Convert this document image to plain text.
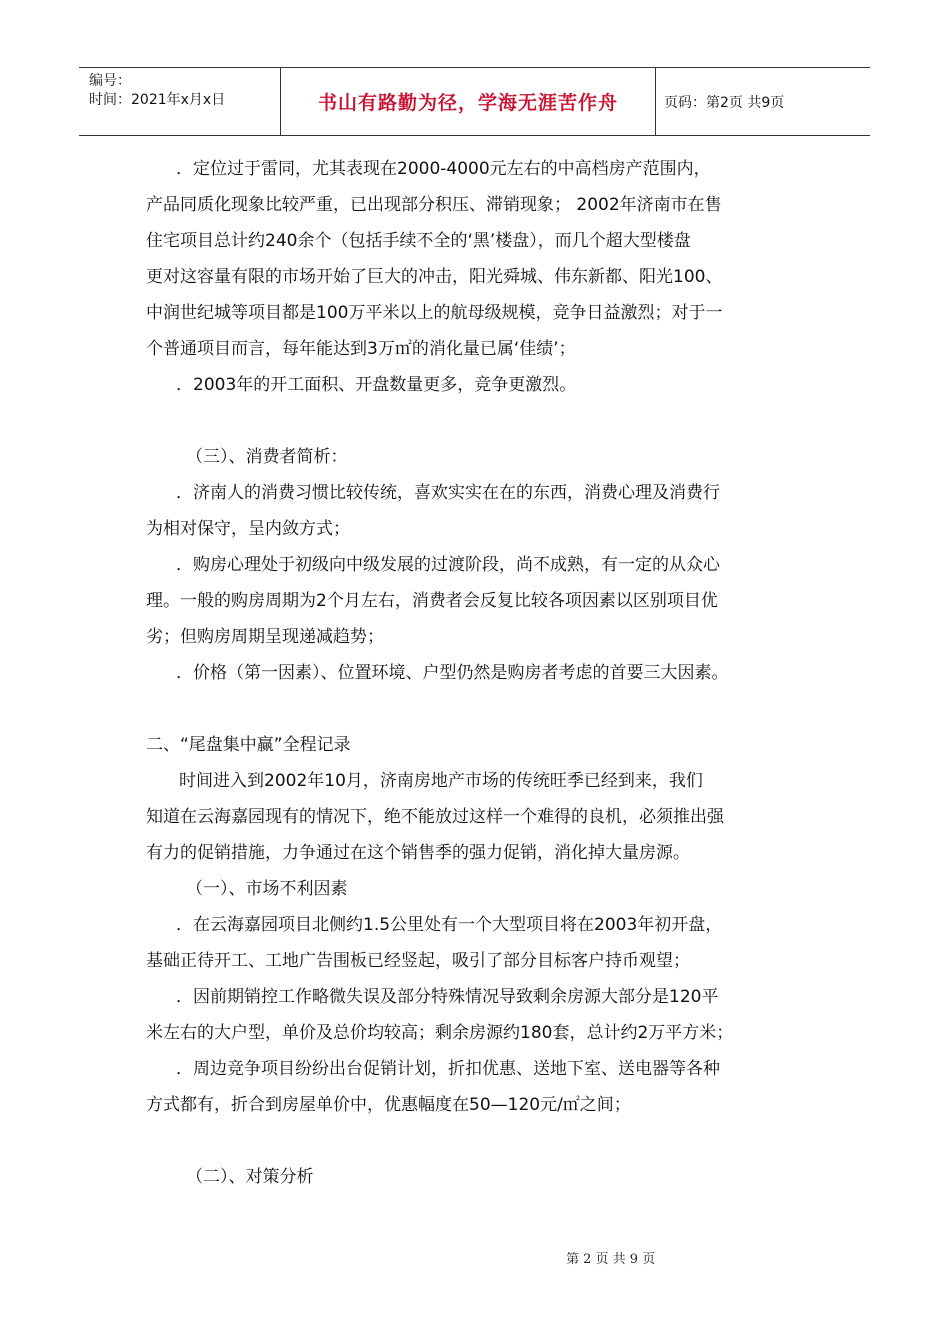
编号：
时间：2021年x月x日	书山有路勤为径，学海无涯苦作舟	页码：第2页 共9页
．定位过于雷同，尤其表现在2000-4000元左右的中高档房产范围内，
产品同质化现象比较严重，已出现部分积压、滞销现象； 2002年济南市在售
住宅项目总计约240余个（包括手续不全的‘黑’楼盘），而几个超大型楼盘
更对这容量有限的市场开始了巨大的冲击，阳光舜城、伟东新都、阳光100、
中润世纪城等项目都是100万平米以上的航母级规模，竞争日益激烈；对于一
个普通项目而言，每年能达到3万㎡的消化量已属‘佳绩’；
．2003年的开工面积、开盘数量更多，竞争更激烈。
（三）、消费者简析：
．济南人的消费习惯比较传统，喜欢实实在在的东西，消费心理及消费行
为相对保守，呈内敛方式；
．购房心理处于初级向中级发展的过渡阶段，尚不成熟，有一定的从众心
理。一般的购房周期为2个月左右，消费者会反复比较各项因素以区别项目优
劣；但购房周期呈现递减趋势；
．价格（第一因素）、位置环境、户型仍然是购房者考虑的首要三大因素。
二、“尾盘集中赢”全程记录
时间进入到2002年10月，济南房地产市场的传统旺季已经到来，我们
知道在云海嘉园现有的情况下，绝不能放过这样一个难得的良机，必须推出强
有力的促销措施，力争通过在这个销售季的强力促销，消化掉大量房源。
（一）、市场不利因素
．在云海嘉园项目北侧约1.5公里处有一个大型项目将在2003年初开盘，
基础正待开工、工地广告围板已经竖起，吸引了部分目标客户持币观望；
．因前期销控工作略微失误及部分特殊情况导致剩余房源大部分是120平
米左右的大户型，单价及总价均较高；剩余房源约180套，总计约2万平方米；
．周边竞争项目纷纷出台促销计划，折扣优惠、送地下室、送电器等各种
方式都有，折合到房屋单价中，优惠幅度在50—120元/㎡之间；
（二）、对策分析
第 2 页 共 9 页
